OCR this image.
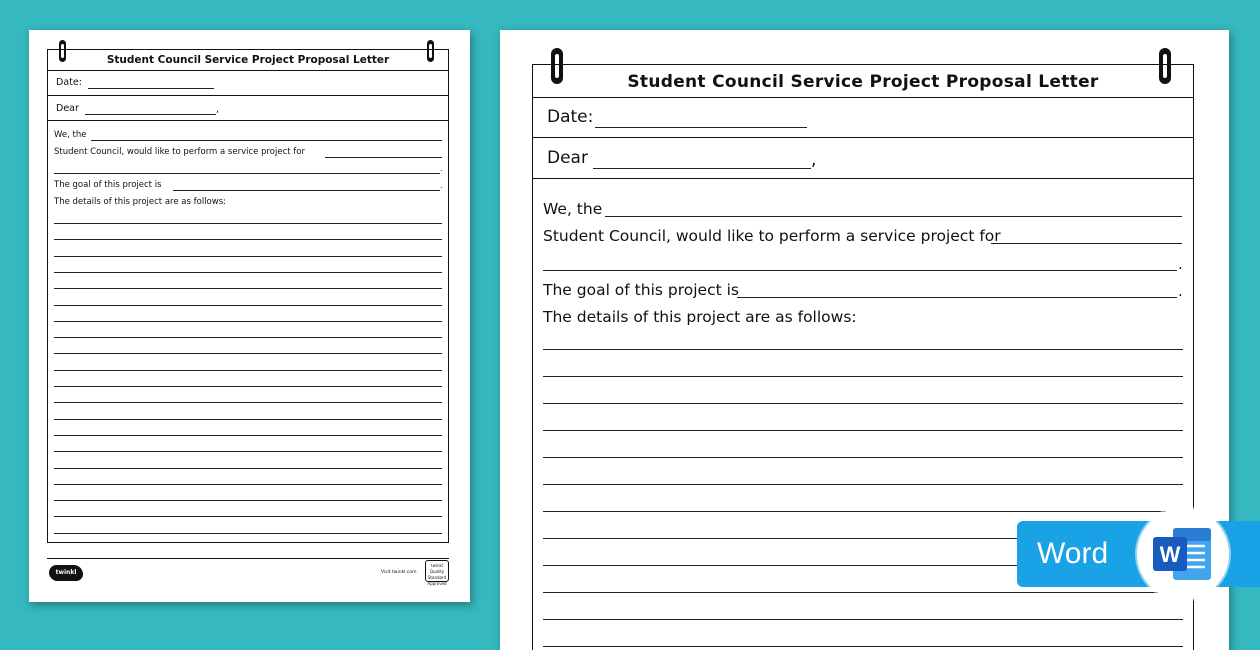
Student Council Service Project Proposal Letter
Date:
Dear	,
We, the
Student Council, would like to perform a service project for
.
The goal of this project is	.
The details of this project are as follows:
twinkl	Visit twinkl.com
twinkl Quality Standard Approved
Student Council Service Project Proposal Letter
Date:
Dear	,
We, the
Student Council, would like to perform a service project for
.
The goal of this project is	.
The details of this project are as follows:
Word W
